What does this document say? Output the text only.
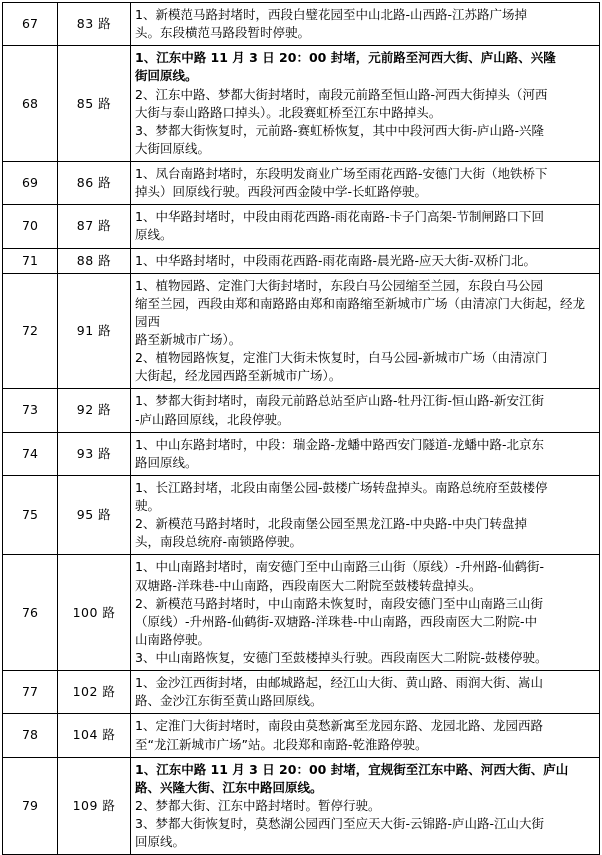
67	83 路	1、新模范马路封堵时，西段白璧花园至中山北路-山西路-江苏路广场掉

头。东段横范马路段暂时停驶。

68	85 路	

1、江东中路 11 月 3 日 20：00 封堵，元前路至河西大街、庐山路、兴隆

街回原线。

2、江东中路、梦都大街封堵时，南段元前路至恒山路-河西大街掉头（河西

大街与泰山路路口掉头）。北段赛虹桥至江东中路掉头。

3、梦都大街恢复时，元前路-赛虹桥恢复，其中中段河西大街-庐山路-兴隆

大街回原线。

69	86 路	1、凤台南路封堵时，东段明发商业广场至雨花西路-安德门大街（地铁桥下

掉头）回原线行驶。西段河西金陵中学-长虹路停驶。

70	87 路	1、中华路封堵时，中段由雨花西路-雨花南路-卡子门高架-节制闸路口下回

原线。

71	88 路	1、中华路封堵时，中段雨花西路-雨花南路-晨光路-应天大街-双桥门北。

72	91 路	1、植物园路、定淮门大街封堵时，东段白马公园缩至兰园，东段白马公园

缩至兰园，西段由郑和南路路由郑和南路缩至新城市广场（由清凉门大街起，经龙园西

路至新城市广场）。

2、植物园路恢复，定淮门大街未恢复时，白马公园-新城市广场（由清凉门

大街起，经龙园西路至新城市广场）。

73	92 路	1、梦都大街封堵时，南段元前路总站至庐山路-牡丹江街-恒山路-新安江街

-庐山路回原线，北段停驶。

74	93 路	1、中山东路封堵时，中段：瑞金路-龙蟠中路西安门隧道-龙蟠中路-北京东

路回原线。

75	95 路	1、长江路封堵，北段由南堡公园-鼓楼广场转盘掉头。南路总统府至鼓楼停

驶。

2、新模范马路封堵时，北段南堡公园至黑龙江路-中央路-中央门转盘掉

头，南段总统府-南锁路停驶。

76	100 路	

1、中山南路封堵时，南安德门至中山南路三山街（原线）-升州路-仙鹤街-

双塘路-洋珠巷-中山南路，西段南医大二附院至鼓楼转盘掉头。

2、新模范马路封堵时，中山南路未恢复时，南段安德门至中山南路三山街

（原线）-升州路-仙鹤街-双塘路-洋珠巷-中山南路，西段南医大二附院-中

山南路停驶。

3、中山南路恢复，安德门至鼓楼掉头行驶。西段南医大二附院-鼓楼停驶。

77	102 路	1、金沙江西街封堵，由邮城路起，经江山大街、黄山路、雨润大街、嵩山

路、金沙江东街至黄山路回原线。

78	104 路	1、定淮门大街封堵时，南段由莫愁新寓至龙园东路、龙园北路、龙园西路

至“龙江新城市广场”站。北段郑和南路-乾淮路停驶。

79	109 路	1、江东中路 11 月 3 日 20：00 封堵，宜规街至江东中路、河西大街、庐山

路、兴隆大街、江东中路回原线。

2、梦都大街、江东中路封堵时。暂停行驶。

3、梦都大街恢复时，莫愁湖公园西门至应天大街-云锦路-庐山路-江山大街

回原线。
